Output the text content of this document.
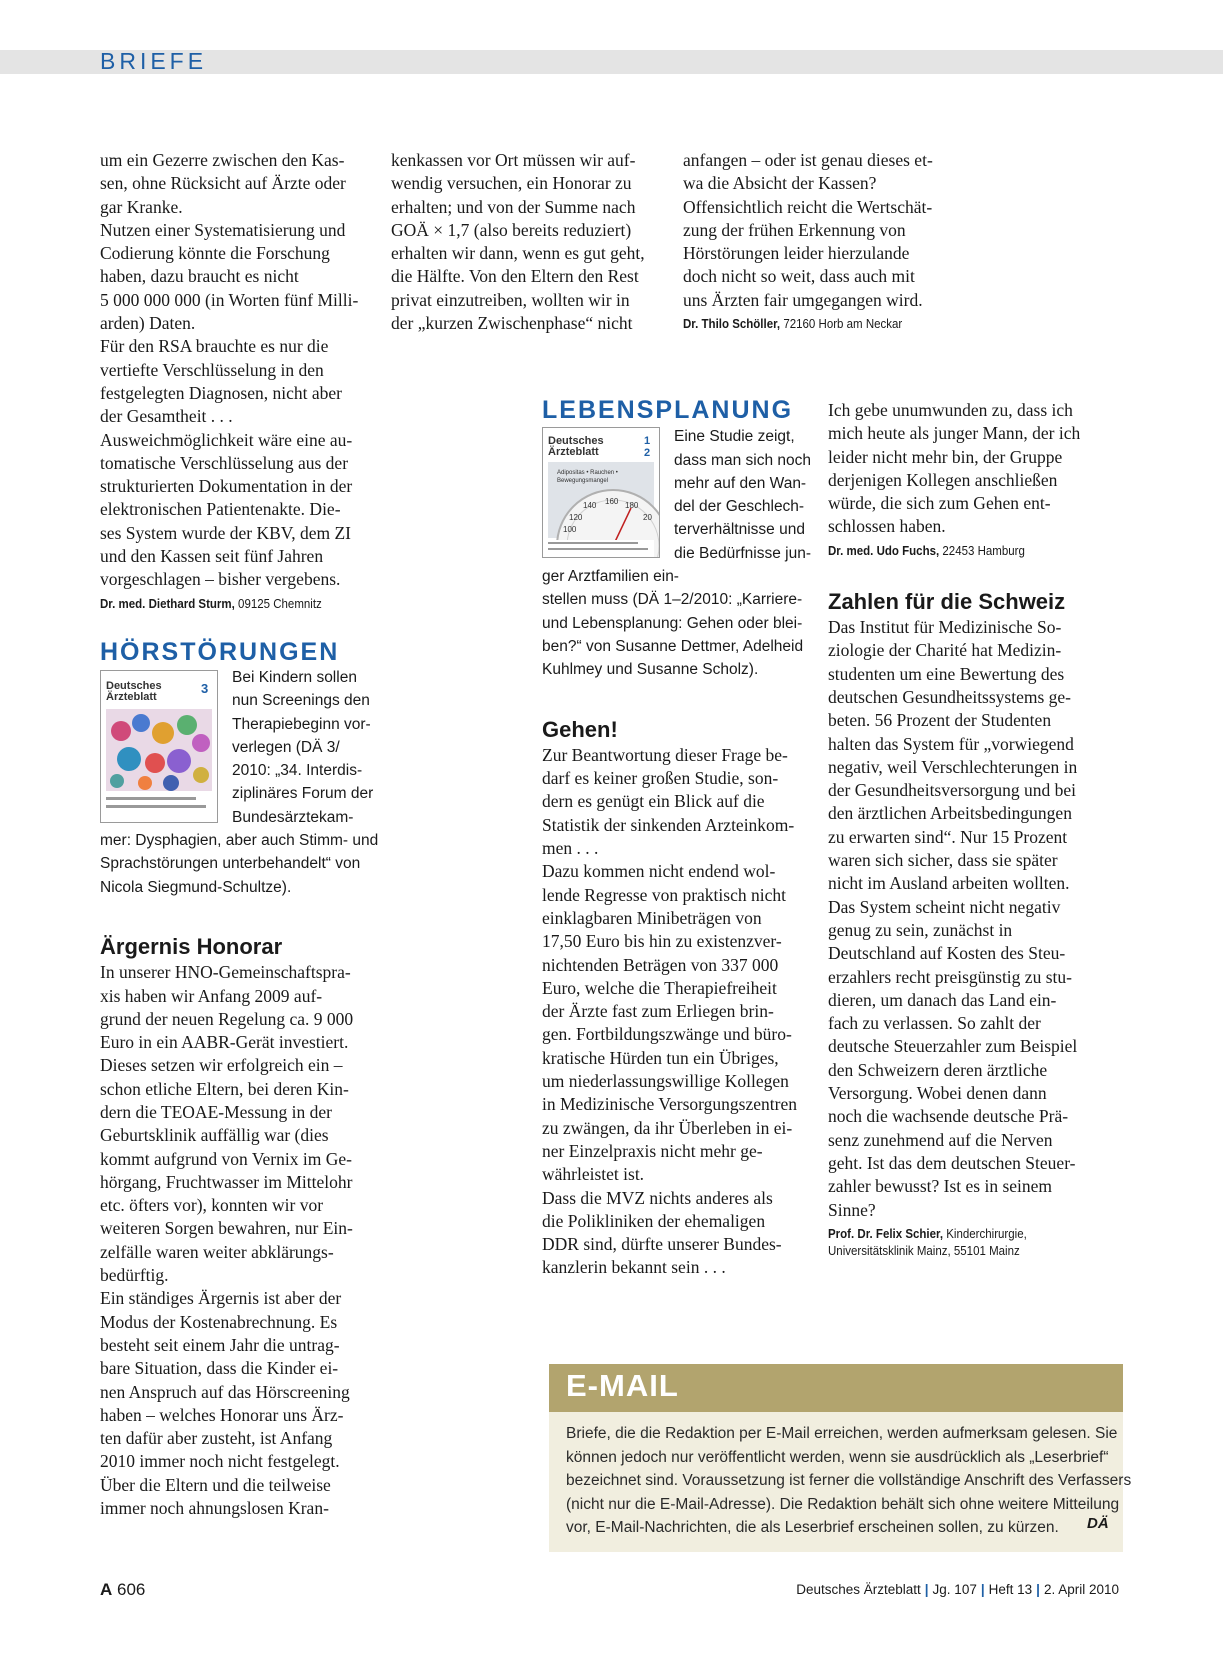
BRIEFE
um ein Gezerre zwischen den Kas-
sen, ohne Rücksicht auf Ärzte oder
gar Kranke.
Nutzen einer Systematisierung und
Codierung könnte die Forschung
haben, dazu braucht es nicht
5 000 000 000 (in Worten fünf Milli-
arden) Daten.
Für den RSA brauchte es nur die
vertiefte Verschlüsselung in den
festgelegten Diagnosen, nicht aber
der Gesamtheit . . .
Ausweichmöglichkeit wäre eine au-
tomatische Verschlüsselung aus der
strukturierten Dokumentation in der
elektronischen Patientenakte. Die-
ses System wurde der KBV, dem ZI
und den Kassen seit fünf Jahren
vorgeschlagen – bisher vergebens.

Dr. med. Diethard Sturm, 09125 Chemnitz

HÖRSTÖRUNGEN
Deutsches
Ärzteblatt
3
Bei Kindern sollen
nun Screenings den
Therapiebeginn vor-
verlegen (DÄ 3/
2010: „34. Interdis-
ziplinäres Forum der
Bundesärztekam-
mer: Dysphagien, aber auch Stimm- und
Sprachstörungen unterbehandelt“ von
Nicola Siegmund-Schultze).
Ärgernis Honorar
In unserer HNO-Gemeinschaftspra-
xis haben wir Anfang 2009 auf-
grund der neuen Regelung ca. 9 000
Euro in ein AABR-Gerät investiert.
Dieses setzen wir erfolgreich ein –
schon etliche Eltern, bei deren Kin-
dern die TEOAE-Messung in der
Geburtsklinik auffällig war (dies
kommt aufgrund von Vernix im Ge-
hörgang, Fruchtwasser im Mittelohr
etc. öfters vor), konnten wir vor
weiteren Sorgen bewahren, nur Ein-
zelfälle waren weiter abklärungs-
bedürftig.
Ein ständiges Ärgernis ist aber der
Modus der Kostenabrechnung. Es
besteht seit einem Jahr die untrag-
bare Situation, dass die Kinder ei-
nen Anspruch auf das Hörscreening
haben – welches Honorar uns Ärz-
ten dafür aber zusteht, ist Anfang
2010 immer noch nicht festgelegt.
Über die Eltern und die teilweise
immer noch ahnungslosen Kran-
kenkassen vor Ort müssen wir auf-
wendig versuchen, ein Honorar zu
erhalten; und von der Summe nach
GOÄ × 1,7 (also bereits reduziert)
erhalten wir dann, wenn es gut geht,
die Hälfte. Von den Eltern den Rest
privat einzutreiben, wollten wir in
der „kurzen Zwischenphase“ nicht
anfangen – oder ist genau dieses et-
wa die Absicht der Kassen?
Offensichtlich reicht die Wertschät-
zung der frühen Erkennung von
Hörstörungen leider hierzulande
doch nicht so weit, dass auch mit
uns Ärzten fair umgegangen wird.

Dr. Thilo Schöller, 72160 Horb am Neckar

LEBENSPLANUNG
Deutsches
Ärzteblatt
1
2
Adipositas • Rauchen •
Bewegungsmangel
100
120
140 160 180
20
Eine Studie zeigt,
dass man sich noch
mehr auf den Wan-
del der Geschlech-
terverhältnisse und
die Bedürfnisse jun-
ger Arztfamilien ein-
stellen muss (DÄ 1–2/2010: „Karriere-
und Lebensplanung: Gehen oder blei-
ben?“ von Susanne Dettmer, Adelheid
Kuhlmey und Susanne Scholz).
Gehen!
Zur Beantwortung dieser Frage be-
darf es keiner großen Studie, son-
dern es genügt ein Blick auf die
Statistik der sinkenden Arzteinkom-
men . . .
Dazu kommen nicht endend wol-
lende Regresse von praktisch nicht
einklagbaren Minibeträgen von
17,50 Euro bis hin zu existenzver-
nichtenden Beträgen von 337 000
Euro, welche die Therapiefreiheit
der Ärzte fast zum Erliegen brin-
gen. Fortbildungszwänge und büro-
kratische Hürden tun ein Übriges,
um niederlassungswillige Kollegen
in Medizinische Versorgungszentren
zu zwängen, da ihr Überleben in ei-
ner Einzelpraxis nicht mehr ge-
währleistet ist.
Dass die MVZ nichts anderes als
die Polikliniken der ehemaligen
DDR sind, dürfte unserer Bundes-
kanzlerin bekannt sein . . .
Ich gebe unumwunden zu, dass ich
mich heute als junger Mann, der ich
leider nicht mehr bin, der Gruppe
derjenigen Kollegen anschließen
würde, die sich zum Gehen ent-
schlossen haben.

Dr. med. Udo Fuchs, 22453 Hamburg

Zahlen für die Schweiz
Das Institut für Medizinische So-
ziologie der Charité hat Medizin-
studenten um eine Bewertung des
deutschen Gesundheitssystems ge-
beten. 56 Prozent der Studenten
halten das System für „vorwiegend
negativ, weil Verschlechterungen in
der Gesundheitsversorgung und bei
den ärztlichen Arbeitsbedingungen
zu erwarten sind“. Nur 15 Prozent
waren sich sicher, dass sie später
nicht im Ausland arbeiten wollten.
Das System scheint nicht negativ
genug zu sein, zunächst in
Deutschland auf Kosten des Steu-
erzahlers recht preisgünstig zu stu-
dieren, um danach das Land ein-
fach zu verlassen. So zahlt der
deutsche Steuerzahler zum Beispiel
den Schweizern deren ärztliche
Versorgung. Wobei denen dann
noch die wachsende deutsche Prä-
senz zunehmend auf die Nerven
geht. Ist das dem deutschen Steuer-
zahler bewusst? Ist es in seinem
Sinne?

Prof. Dr. Felix Schier, Kinderchirurgie,

Universitätsklinik Mainz, 55101 Mainz

E-MAIL
Briefe, die die Redaktion per E-Mail erreichen, werden aufmerksam gelesen. Sie
können jedoch nur veröffentlicht werden, wenn sie ausdrücklich als „Leserbrief“
bezeichnet sind. Voraussetzung ist ferner die vollständige Anschrift des Verfassers
(nicht nur die E-Mail-Adresse). Die Redaktion behält sich ohne weitere Mitteilung
vor, E-Mail-Nachrichten, die als Leserbrief erscheinen sollen, zu kürzen.	DÄ
A 606	Deutsches Ärzteblatt | Jg. 107 | Heft 13 | 2. April 2010
